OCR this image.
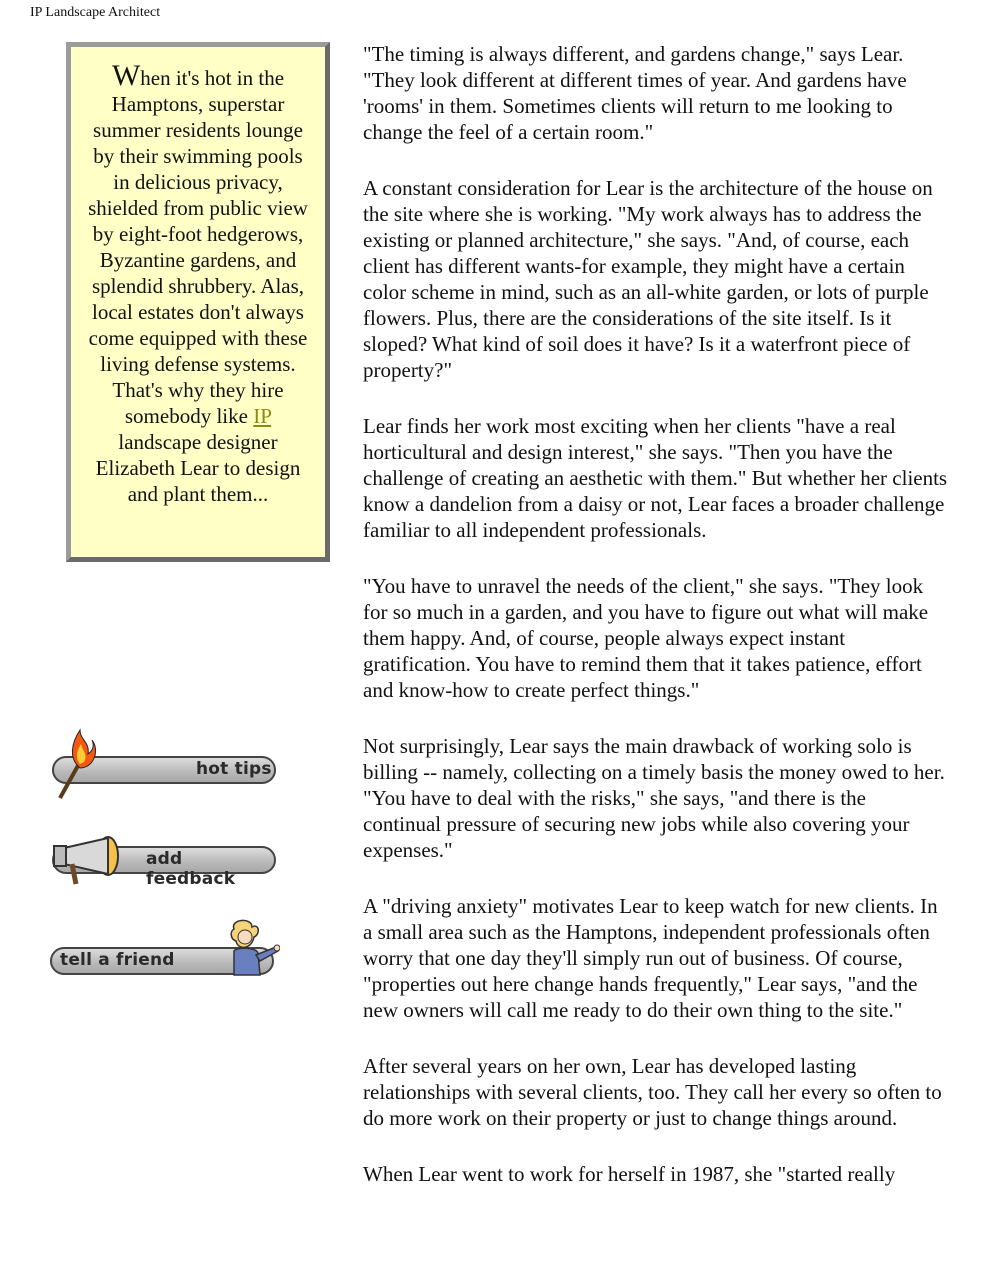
IP Landscape Architect
When it's hot in the Hamptons, superstar summer residents lounge by their swimming pools in delicious privacy, shielded from public view by eight-foot hedgerows, Byzantine gardens, and splendid shrubbery. Alas, local estates don't always come equipped with these living defense systems. That's why they hire somebody like IP landscape designer Elizabeth Lear to design and plant them...
hot tips
add feedback
tell a friend

"The timing is always different, and gardens change," says Lear. "They look different at different times of year. And gardens have 'rooms' in them. Sometimes clients will return to me looking to change the feel of a certain room."

A constant consideration for Lear is the architecture of the house on the site where she is working. "My work always has to address the existing or planned architecture," she says. "And, of course, each client has different wants-for example, they might have a certain color scheme in mind, such as an all-white garden, or lots of purple flowers. Plus, there are the considerations of the site itself. Is it sloped? What kind of soil does it have? Is it a waterfront piece of property?"

Lear finds her work most exciting when her clients "have a real horticultural and design interest," she says. "Then you have the challenge of creating an aesthetic with them." But whether her clients know a dandelion from a daisy or not, Lear faces a broader challenge familiar to all independent professionals.

"You have to unravel the needs of the client," she says. "They look for so much in a garden, and you have to figure out what will make them happy. And, of course, people always expect instant gratification. You have to remind them that it takes patience, effort and know-how to create perfect things."

Not surprisingly, Lear says the main drawback of working solo is billing -- namely, collecting on a timely basis the money owed to her. "You have to deal with the risks," she says, "and there is the continual pressure of securing new jobs while also covering your expenses."

A "driving anxiety" motivates Lear to keep watch for new clients. In a small area such as the Hamptons, independent professionals often worry that one day they'll simply run out of business. Of course, "properties out here change hands frequently," Lear says, "and the new owners will call me ready to do their own thing to the site."

After several years on her own, Lear has developed lasting relationships with several clients, too. They call her every so often to do more work on their property or just to change things around.

When Lear went to work for herself in 1987, she "started really
